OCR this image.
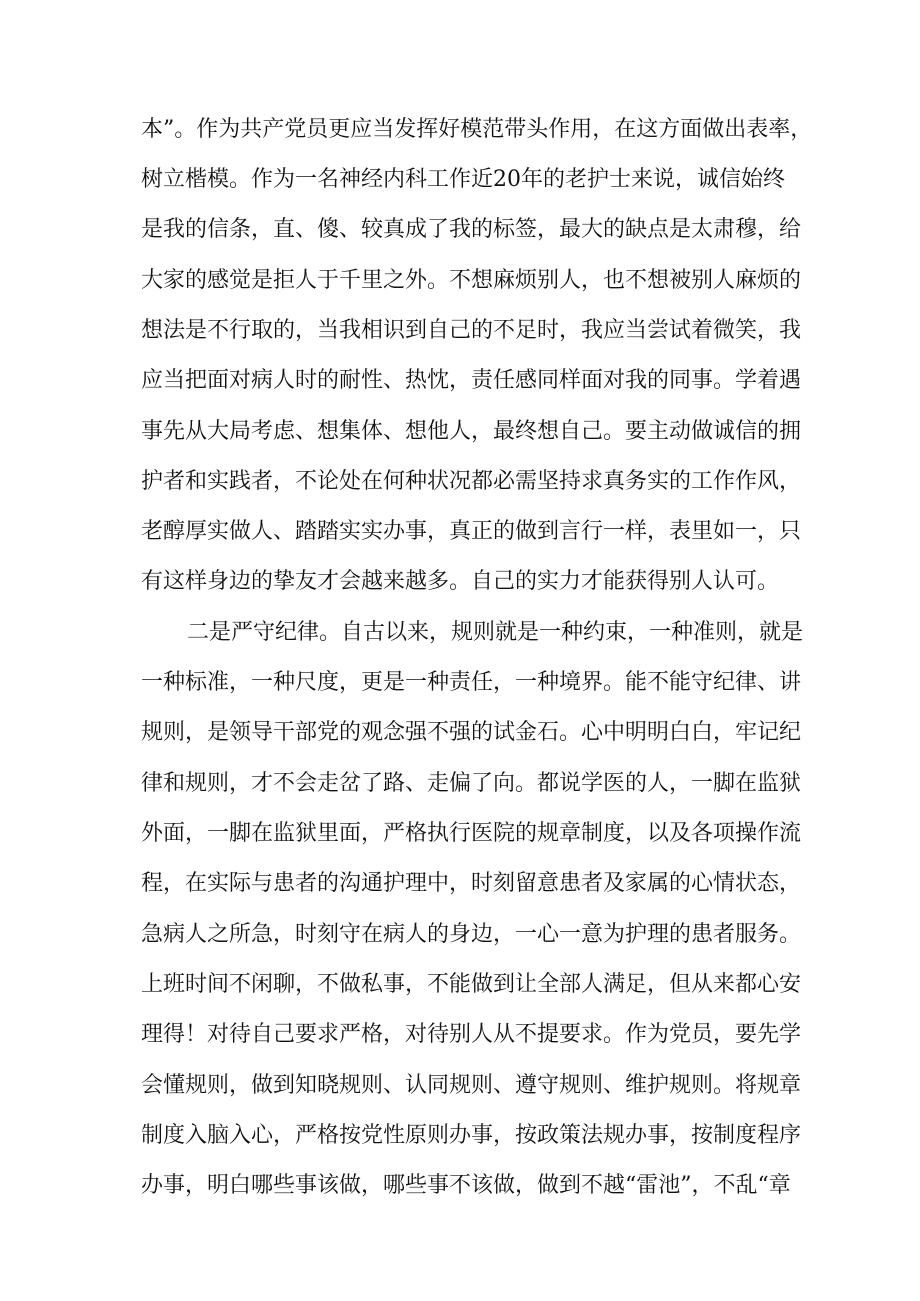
本”。作为共产党员更应当发挥好模范带头作用，在这方面做出表率，
树立楷模。作为一名神经内科工作近20年的老护士来说，诚信始终
是我的信条，直、傻、较真成了我的标签，最大的缺点是太肃穆，给
大家的感觉是拒人于千里之外。不想麻烦别人，也不想被别人麻烦的
想法是不行取的，当我相识到自己的不足时，我应当尝试着微笑，我
应当把面对病人时的耐性、热忱，责任感同样面对我的同事。学着遇
事先从大局考虑、想集体、想他人，最终想自己。要主动做诚信的拥
护者和实践者，不论处在何种状况都必需坚持求真务实的工作作风，
老醇厚实做人、踏踏实实办事，真正的做到言行一样，表里如一，只
有这样身边的挚友才会越来越多。自己的实力才能获得别人认可。
二是严守纪律。自古以来，规则就是一种约束，一种准则，就是
一种标准，一种尺度，更是一种责任，一种境界。能不能守纪律、讲
规则，是领导干部党的观念强不强的试金石。心中明明白白，牢记纪
律和规则，才不会走岔了路、走偏了向。都说学医的人，一脚在监狱
外面，一脚在监狱里面，严格执行医院的规章制度，以及各项操作流
程，在实际与患者的沟通护理中，时刻留意患者及家属的心情状态，
急病人之所急，时刻守在病人的身边，一心一意为护理的患者服务。
上班时间不闲聊，不做私事，不能做到让全部人满足，但从来都心安
理得！对待自己要求严格，对待别人从不提要求。作为党员，要先学
会懂规则，做到知晓规则、认同规则、遵守规则、维护规则。将规章
制度入脑入心，严格按党性原则办事，按政策法规办事，按制度程序
办事，明白哪些事该做，哪些事不该做，做到不越“雷池”，不乱“章
